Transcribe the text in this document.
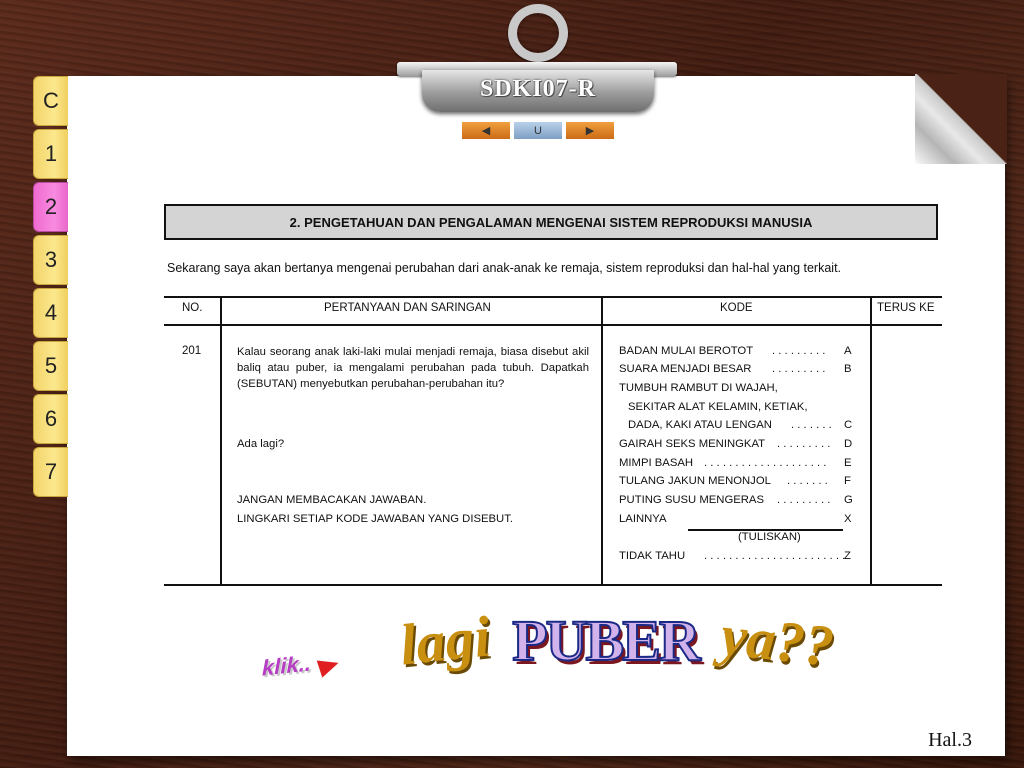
C
1
2
3
4
5
6
7
SDKI07-R
◀	U	▶
2. PENGETAHUAN DAN PENGALAMAN MENGENAI SISTEM REPRODUKSI MANUSIA
Sekarang saya akan bertanya mengenai perubahan dari anak-anak ke remaja, sistem reproduksi dan hal-hal yang terkait.
NO.	PERTANYAAN DAN SARINGAN	KODE	TERUS KE
201	Kalau seorang anak laki-laki mulai menjadi remaja, biasa disebut akil baliq atau puber, ia mengalami perubahan pada tubuh. Dapatkah (SEBUTAN) menyebutkan perubahan-perubahan itu?
Ada lagi?
JANGAN MEMBACAKAN JAWABAN.
LINGKARI SETIAP KODE JAWABAN YANG DISEBUT.
BADAN MULAI BEROTOT . . . . . . . . . A
SUARA MENJADI BESAR . . . . . . . . . B
TUMBUH RAMBUT DI WAJAH,
SEKITAR ALAT KELAMIN, KETIAK,
DADA, KAKI ATAU LENGAN . . . . . . . C
GAIRAH SEKS MENINGKAT . . . . . . . . . D
MIMPI BASAH . . . . . . . . . . . . . . . . . . . . E
TULANG JAKUN MENONJOL . . . . . . . F
PUTING SUSU MENGERAS . . . . . . . . . G
LAINNYA	X
(TULISKAN)
TIDAK TAHU . . . . . . . . . . . . . . . . . . . . . . .
Z
klik.. lagi PUBER ya??
Hal.3
